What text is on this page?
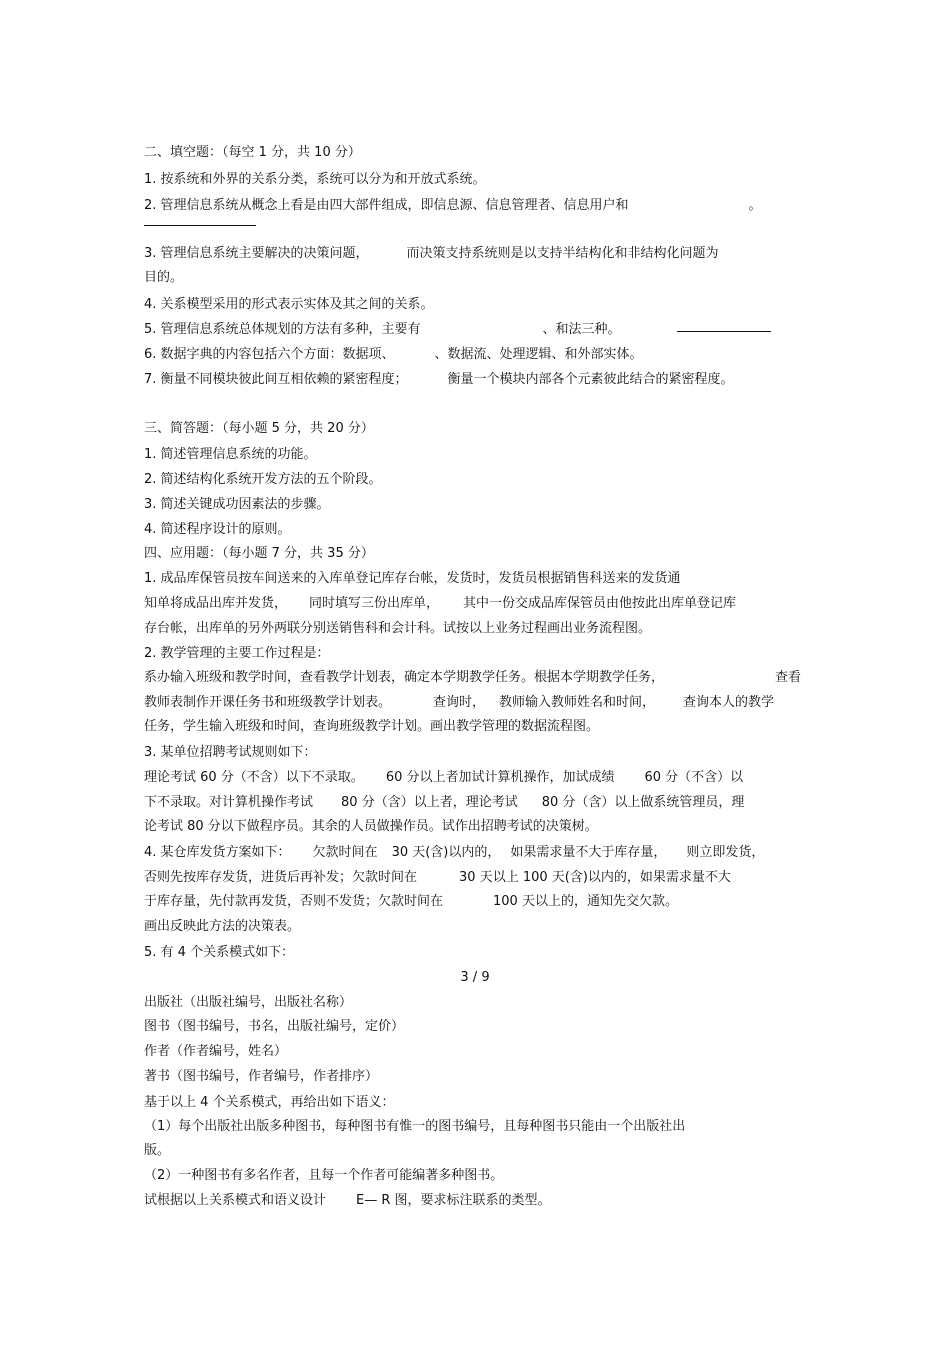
二、填空题：（每空 1 分，共 10 分）
1. 按系统和外界的关系分类，系统可以分为和开放式系统。
2. 管理信息系统从概念上看是由四大部件组成，即信息源、信息管理者、信息用户和	。
3. 管理信息系统主要解决的决策问题，	而决策支持系统则是以支持半结构化和非结构化问题为
目的。
4. 关系模型采用的形式表示实体及其之间的关系。
5. 管理信息系统总体规划的方法有多种，主要有	、和法三种。
6. 数据字典的内容包括六个方面：数据项、	、数据流、处理逻辑、和外部实体。
7. 衡量不同模块彼此间互相依赖的紧密程度；	衡量一个模块内部各个元素彼此结合的紧密程度。
三、简答题：（每小题 5 分，共 20 分）
1. 简述管理信息系统的功能。
2. 简述结构化系统开发方法的五个阶段。
3. 简述关键成功因素法的步骤。
4. 简述程序设计的原则。
四、应用题：（每小题 7 分，共 35 分）
1. 成品库保管员按车间送来的入库单登记库存台帐，发货时，发货员根据销售科送来的发货通
知单将成品出库并发货， 同时填写三份出库单， 其中一份交成品库保管员由他按此出库单登记库
存台帐，出库单的另外两联分别送销售科和会计科。试按以上业务过程画出业务流程图。
2. 教学管理的主要工作过程是：
系办输入班级和教学时间，查看教学计划表，确定本学期教学任务。根据本学期教学任务，	查看
教师表制作开课任务书和班级教学计划表。	查询时， 教师输入教师姓名和时间， 查询本人的教学
任务，学生输入班级和时间，查询班级教学计划。画出教学管理的数据流程图。
3. 某单位招聘考试规则如下：
理论考试 60 分（不含）以下不录取。 60 分以上者加试计算机操作，加试成绩 60 分（不含）以
下不录取。对计算机操作考试 80 分（含）以上者，理论考试 80 分（含）以上做系统管理员，理
论考试 80 分以下做程序员。其余的人员做操作员。试作出招聘考试的决策树。
4. 某仓库发货方案如下： 欠款时间在 30 天(含)以内的， 如果需求量不大于库存量， 则立即发货，
否则先按库存发货，进货后再补发；欠款时间在	30 天以上 100 天(含)以内的，如果需求量不大
于库存量，先付款再发货，否则不发货；欠款时间在	100 天以上的，通知先交欠款。
画出反映此方法的决策表。
5. 有 4 个关系模式如下：
3 / 9
出版社（出版社编号，出版社名称）
图书（图书编号，书名，出版社编号，定价）
作者（作者编号，姓名）
著书（图书编号，作者编号，作者排序）
基于以上 4 个关系模式，再给出如下语义：
（1）每个出版社出版多种图书，每种图书有惟一的图书编号，且每种图书只能由一个出版社出
版。
（2）一种图书有多名作者，且每一个作者可能编著多种图书。
试根据以上关系模式和语义设计 E— R 图，要求标注联系的类型。
